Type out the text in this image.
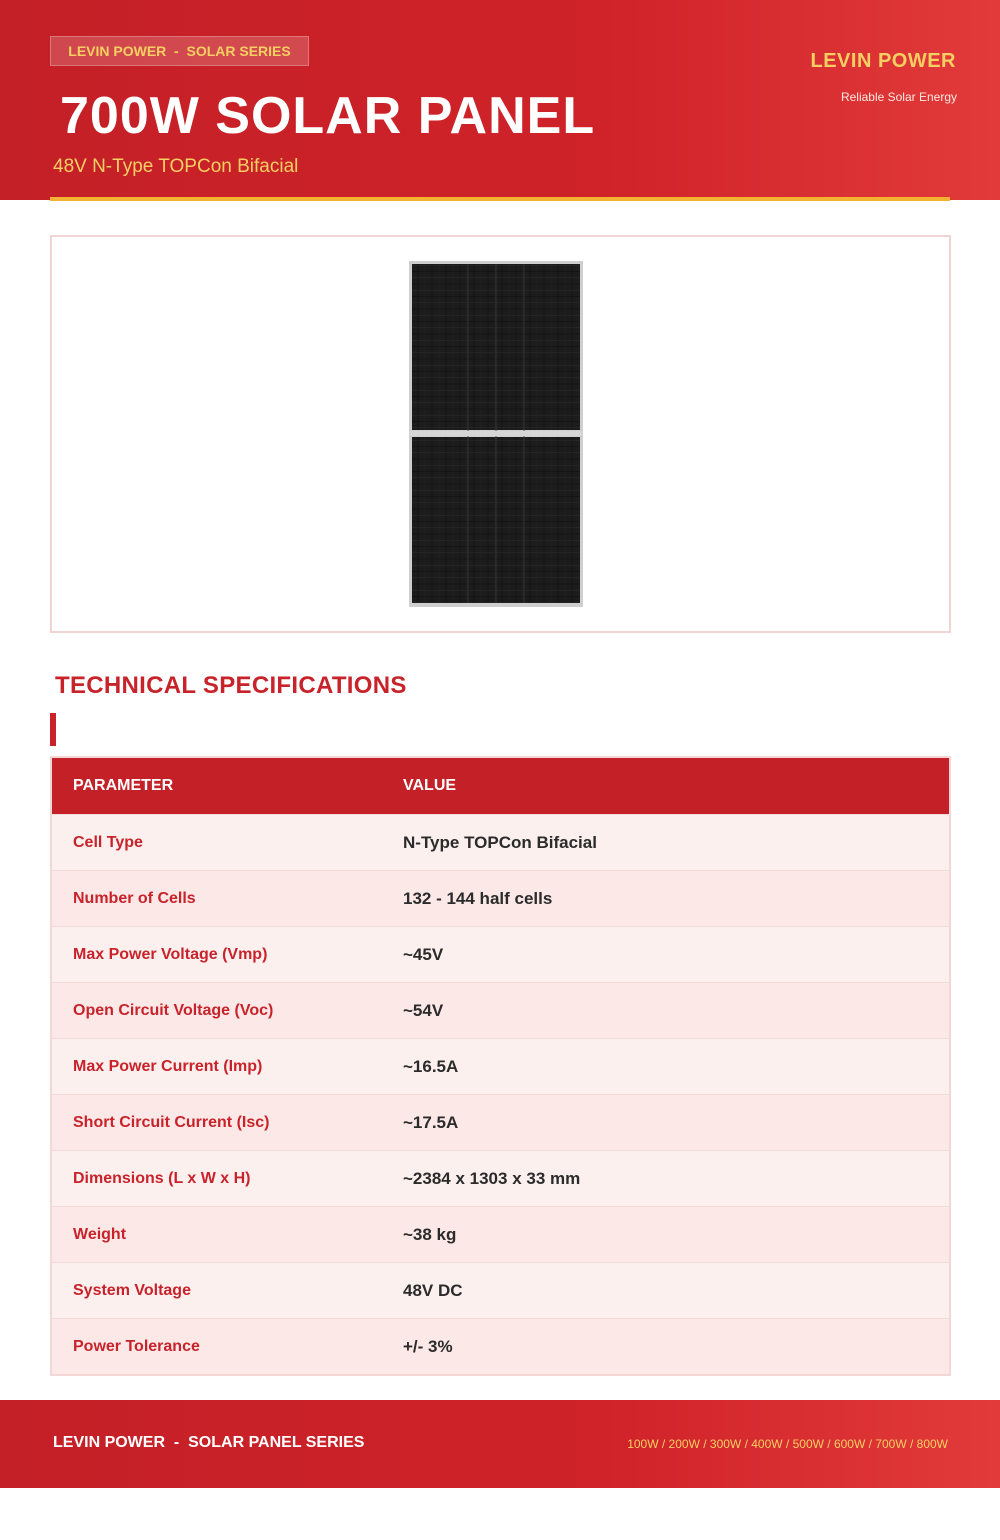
LEVIN POWER  -  SOLAR SERIES	LEVIN POWER
Reliable Solar Energy
700W SOLAR PANEL
48V N-Type TOPCon Bifacial
TECHNICAL SPECIFICATIONS
PARAMETER	VALUE
Cell Type	N-Type TOPCon Bifacial
Number of Cells	132 - 144 half cells
Max Power Voltage (Vmp)	~45V
Open Circuit Voltage (Voc)	~54V
Max Power Current (Imp)	~16.5A
Short Circuit Current (Isc)	~17.5A
Dimensions (L x W x H)	~2384 x 1303 x 33 mm
Weight	~38 kg
System Voltage	48V DC
Power Tolerance	+/- 3%
LEVIN POWER  -  SOLAR PANEL SERIES	100W / 200W / 300W / 400W / 500W / 600W / 700W / 800W
